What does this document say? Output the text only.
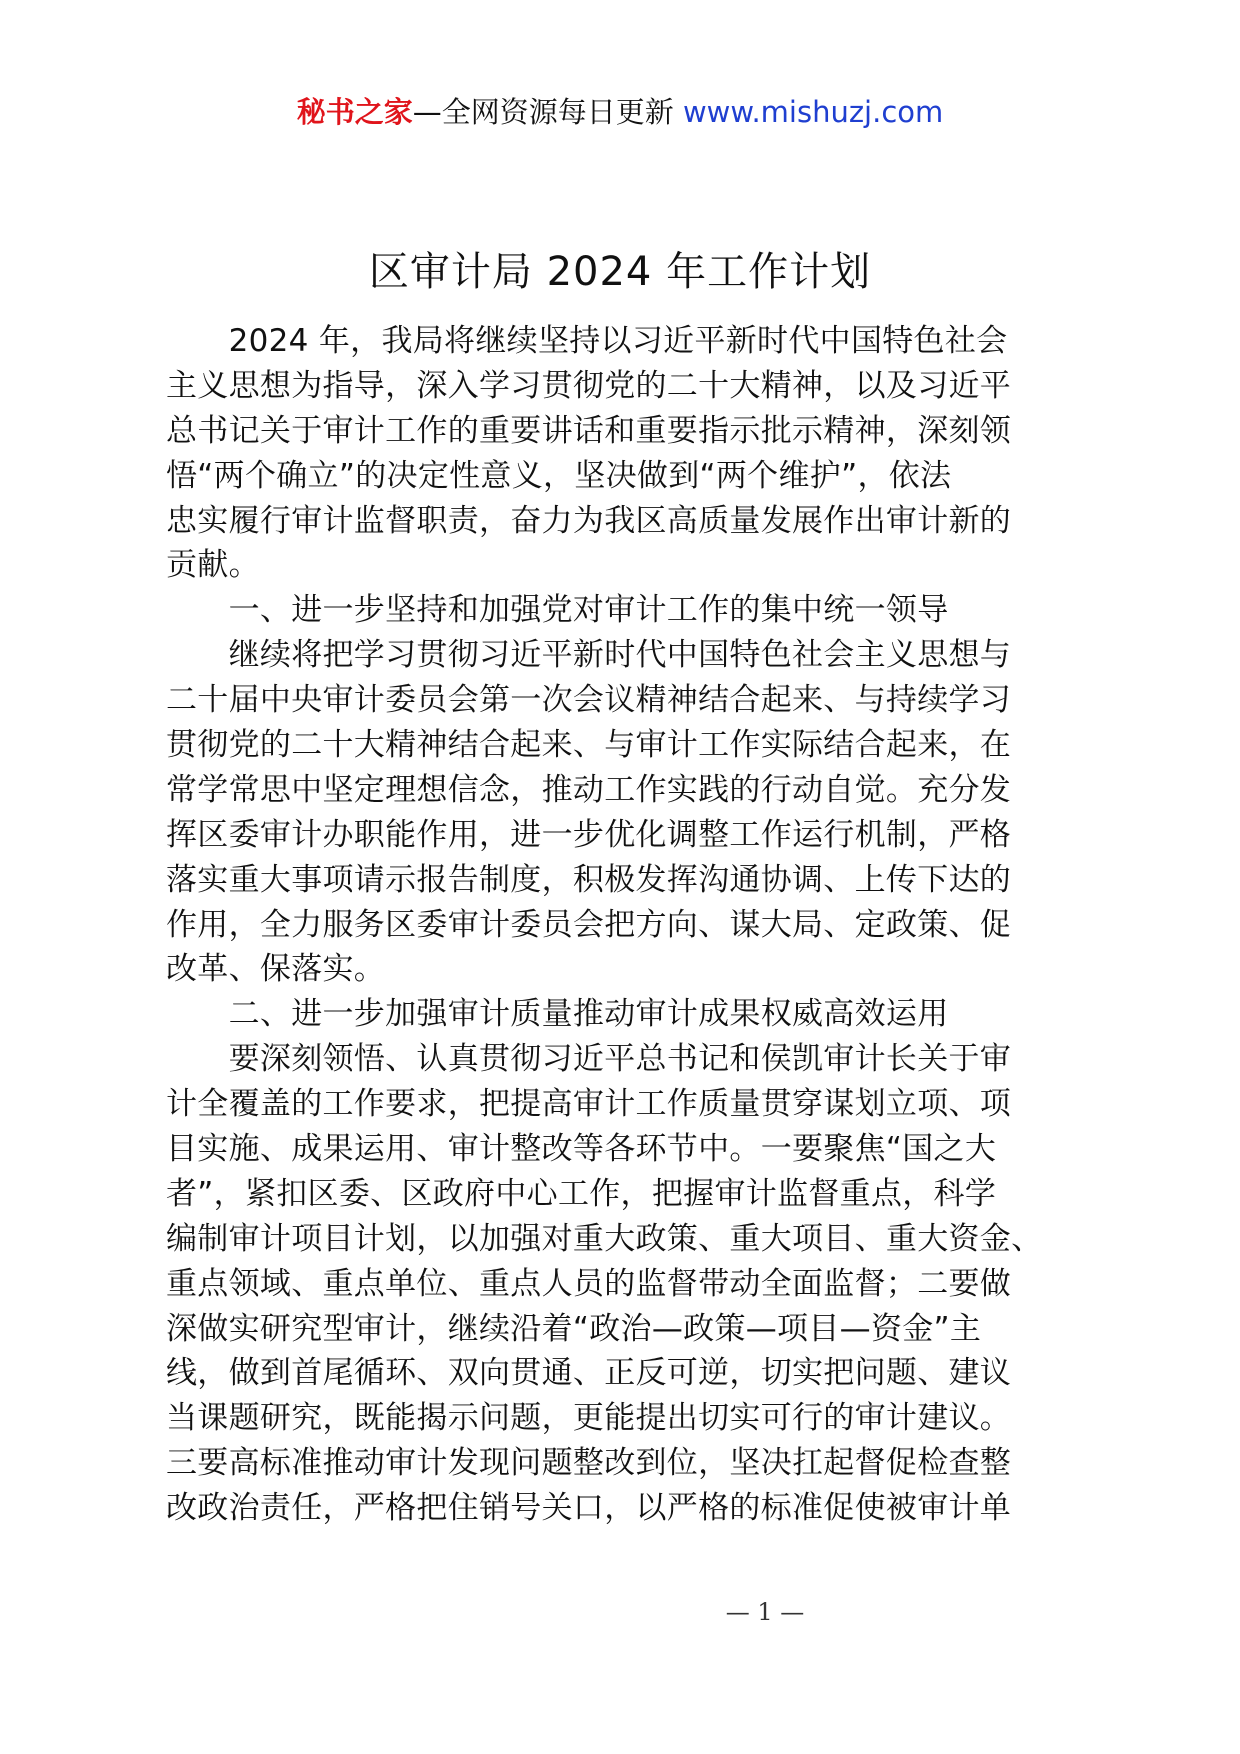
秘书之家—全网资源每日更新 www.mishuzj.com
区审计局 2024 年工作计划
　　2024 年，我局将继续坚持以习近平新时代中国特色社会
主义思想为指导，深入学习贯彻党的二十大精神，以及习近平
总书记关于审计工作的重要讲话和重要指示批示精神，深刻领
悟“两个确立”的决定性意义，坚决做到“两个维护”，依法
忠实履行审计监督职责，奋力为我区高质量发展作出审计新的
贡献。
　　一、进一步坚持和加强党对审计工作的集中统一领导
　　继续将把学习贯彻习近平新时代中国特色社会主义思想与
二十届中央审计委员会第一次会议精神结合起来、与持续学习
贯彻党的二十大精神结合起来、与审计工作实际结合起来，在
常学常思中坚定理想信念，推动工作实践的行动自觉。充分发
挥区委审计办职能作用，进一步优化调整工作运行机制，严格
落实重大事项请示报告制度，积极发挥沟通协调、上传下达的
作用，全力服务区委审计委员会把方向、谋大局、定政策、促
改革、保落实。
　　二、进一步加强审计质量推动审计成果权威高效运用
　　要深刻领悟、认真贯彻习近平总书记和侯凯审计长关于审
计全覆盖的工作要求，把提高审计工作质量贯穿谋划立项、项
目实施、成果运用、审计整改等各环节中。一要聚焦“国之大
者”，紧扣区委、区政府中心工作，把握审计监督重点，科学
编制审计项目计划，以加强对重大政策、重大项目、重大资金、
重点领域、重点单位、重点人员的监督带动全面监督；二要做
深做实研究型审计，继续沿着“政治—政策—项目—资金”主
线，做到首尾循环、双向贯通、正反可逆，切实把问题、建议
当课题研究，既能揭示问题，更能提出切实可行的审计建议。
三要高标准推动审计发现问题整改到位，坚决扛起督促检查整
改政治责任，严格把住销号关口，以严格的标准促使被审计单
— 1 —
